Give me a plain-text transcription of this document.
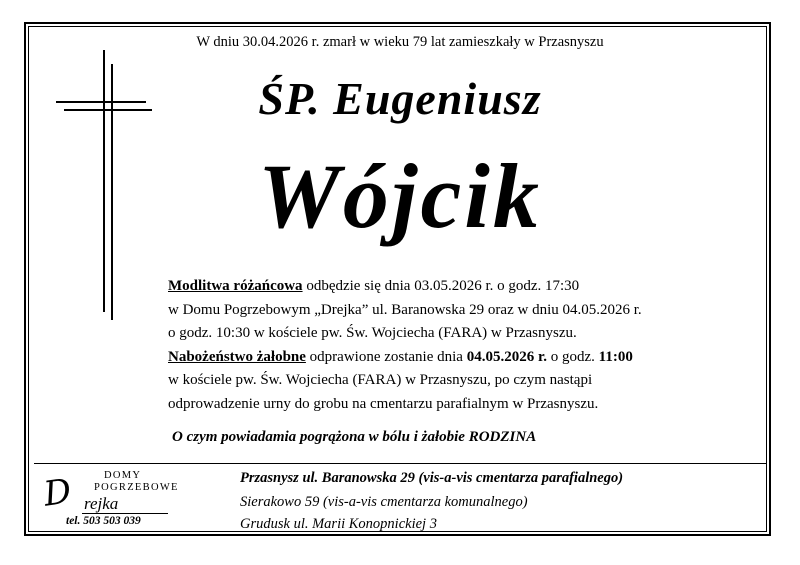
W dniu 30.04.2026 r. zmarł w wieku 79 lat zamieszkały w Przasnyszu
ŚP. Eugeniusz
Wójcik
Modlitwa różańcowa odbędzie się dnia 03.05.2026 r. o godz. 17:30
w Domu Pogrzebowym „Drejka” ul. Baranowska 29 oraz w dniu 04.05.2026 r.
o godz. 10:30 w kościele pw. Św. Wojciecha (FARA) w Przasnyszu.
Nabożeństwo żałobne odprawione zostanie dnia 04.05.2026 r. o godz. 11:00
w kościele pw. Św. Wojciecha (FARA) w Przasnyszu, po czym nastąpi
odprowadzenie urny do grobu na cmentarzu parafialnym w Przasnyszu.
O czym powiadamia pogrążona w bólu i żałobie RODZINA
DOMY
POGRZEBOWE
D rejka
tel. 503 503 039
Przasnysz ul. Baranowska 29 (vis-a-vis cmentarza parafialnego)
Sierakowo 59 (vis-a-vis cmentarza komunalnego)
Grudusk ul. Marii Konopnickiej 3
